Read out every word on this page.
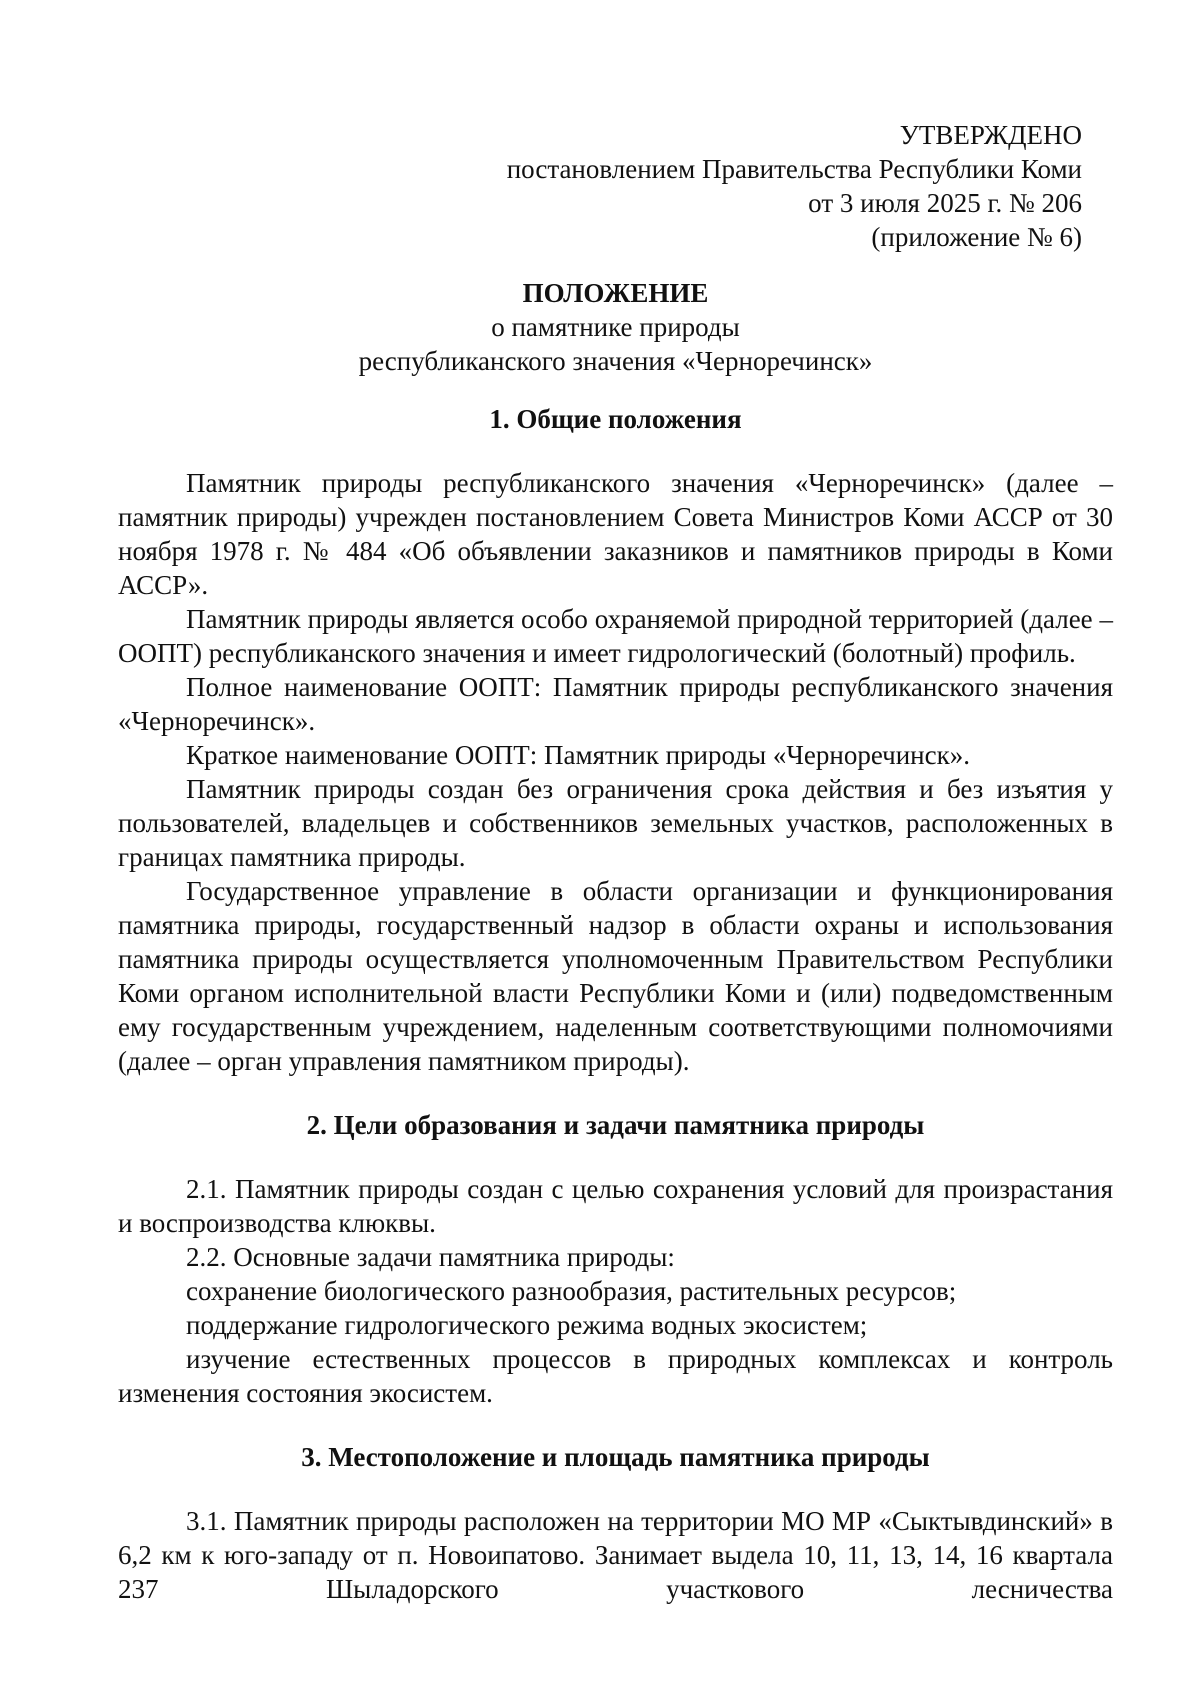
УТВЕРЖДЕНО
постановлением Правительства Республики Коми
от 3 июля 2025 г. № 206
(приложение № 6)
ПОЛОЖЕНИЕ
о памятнике природы
республиканского значения «Черноречинск»
1. Общие положения

Памятник природы республиканского значения «Черноречинск» (далее – памятник природы) учрежден постановлением Совета Министров Коми АССР от 30 ноября 1978 г. № 484 «Об объявлении заказников и памятников природы в Коми АССР».

Памятник природы является особо охраняемой природной территорией (далее – ООПТ) республиканского значения и имеет гидрологический (болотный) профиль.

Полное наименование ООПТ: Памятник природы республиканского значения «Черноречинск».

Краткое наименование ООПТ: Памятник природы «Черноречинск».

Памятник природы создан без ограничения срока действия и без изъятия у пользователей, владельцев и собственников земельных участков, расположенных в границах памятника природы.

Государственное управление в области организации и функционирования памятника природы, государственный надзор в области охраны и использования памятника природы осуществляется уполномоченным Правительством Республики Коми органом исполнительной власти Республики Коми и (или) подведомственным ему государственным учреждением, наделенным соответствующими полномочиями (далее – орган управления памятником природы).

2. Цели образования и задачи памятника природы

2.1. Памятник природы создан с целью сохранения условий для произрастания и воспроизводства клюквы.

2.2. Основные задачи памятника природы:

сохранение биологического разнообразия, растительных ресурсов;

поддержание гидрологического режима водных экосистем;

изучение естественных процессов в природных комплексах и контроль изменения состояния экосистем.

3. Местоположение и площадь памятника природы

3.1. Памятник природы расположен на территории МО МР «Сыктывдинский» в 6,2 км к юго-западу от п. Новоипатово. Занимает выдела 10, 11, 13, 14, 16 квартала 237 Шыладорского участкового лесничества
